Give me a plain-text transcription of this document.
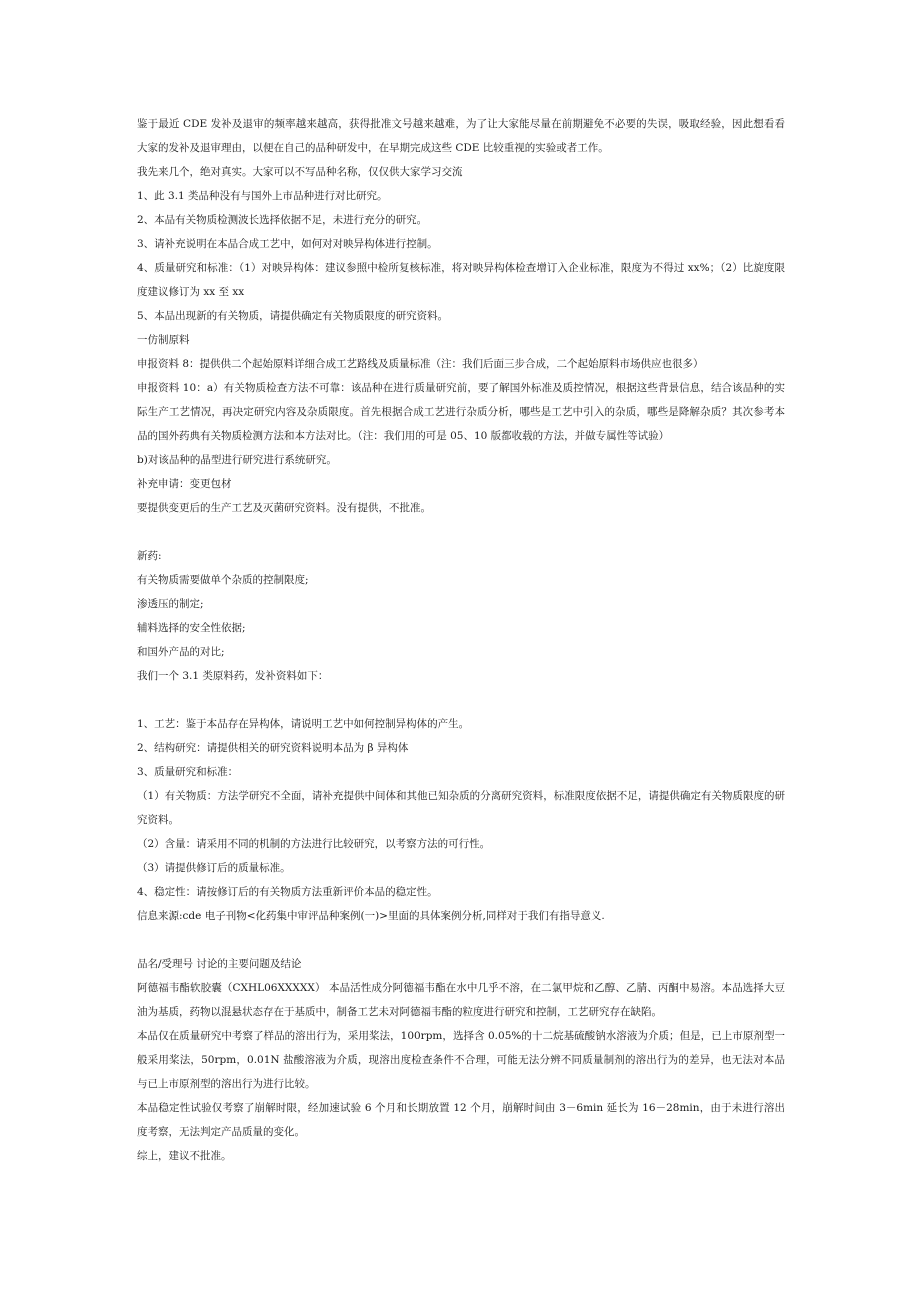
鉴于最近 CDE 发补及退审的频率越来越高，获得批准文号越来越难，为了让大家能尽量在前期避免不必要的失误，吸取经验，因此想看看大家的发补及退审理由，以便在自己的品种研发中，在早期完成这些 CDE 比较重视的实验或者工作。

我先来几个，绝对真实。大家可以不写品种名称，仅仅供大家学习交流

1、此 3.1 类品种没有与国外上市品种进行对比研究。

2、本品有关物质检测波长选择依据不足，未进行充分的研究。

3、请补充说明在本品合成工艺中，如何对对映异构体进行控制。

4、质量研究和标准：（1）对映异构体：建议参照中检所复核标准，将对映异构体检查增订入企业标准，限度为不得过 xx%；（2）比旋度限度建议修订为 xx 至 xx

5、本品出现新的有关物质，请提供确定有关物质限度的研究资料。

一仿制原料

申报资料 8：提供供二个起始原料详细合成工艺路线及质量标准（注：我们后面三步合成，二个起始原料市场供应也很多）

申报资料 10：a）有关物质检查方法不可靠：该品种在进行质量研究前，要了解国外标准及质控情况，根据这些背景信息，结合该品种的实际生产工艺情况，再决定研究内容及杂质限度。首先根据合成工艺进行杂质分析，哪些是工艺中引入的杂质，哪些是降解杂质？其次参考本品的国外药典有关物质检测方法和本方法对比。（注：我们用的可是 05、10 版都收载的方法，并做专属性等试验）

b)对该品种的晶型进行研究进行系统研究。

补充申请：变更包材

要提供变更后的生产工艺及灭菌研究资料。没有提供，不批准。

新药:

有关物质需要做单个杂质的控制限度;

渗透压的制定;

辅料选择的安全性依据;

和国外产品的对比;

我们一个 3.1 类原料药，发补资料如下：

1、工艺：鉴于本品存在异构体，请说明工艺中如何控制异构体的产生。

2、结构研究：请提供相关的研究资料说明本品为 β 异构体

3、质量研究和标准：

（1）有关物质：方法学研究不全面，请补充提供中间体和其他已知杂质的分离研究资料，标准限度依据不足，请提供确定有关物质限度的研究资料。

（2）含量：请采用不同的机制的方法进行比较研究，以考察方法的可行性。

（3）请提供修订后的质量标准。

4、稳定性：请按修订后的有关物质方法重新评价本品的稳定性。

信息来源:cde 电子刊物<化药集中审评品种案例(一)>里面的具体案例分析,同样对于我们有指导意义.

品名/受理号 讨论的主要问题及结论

阿德福韦酯软胶囊（CXHL06XXXXX） 本品活性成分阿德福韦酯在水中几乎不溶，在二氯甲烷和乙醇、乙腈、丙酮中易溶。本品选择大豆油为基质，药物以混悬状态存在于基质中，制备工艺未对阿德福韦酯的粒度进行研究和控制，工艺研究存在缺陷。

本品仅在质量研究中考察了样品的溶出行为，采用桨法，100rpm，选择含 0.05%的十二烷基硫酸钠水溶液为介质；但是，已上市原剂型一般采用桨法，50rpm，0.01N 盐酸溶液为介质，现溶出度检查条件不合理，可能无法分辨不同质量制剂的溶出行为的差异，也无法对本品与已上市原剂型的溶出行为进行比较。

本品稳定性试验仅考察了崩解时限，经加速试验 6 个月和长期放置 12 个月，崩解时间由 3－6min 延长为 16－28min，由于未进行溶出度考察，无法判定产品质量的变化。

综上，建议不批准。
